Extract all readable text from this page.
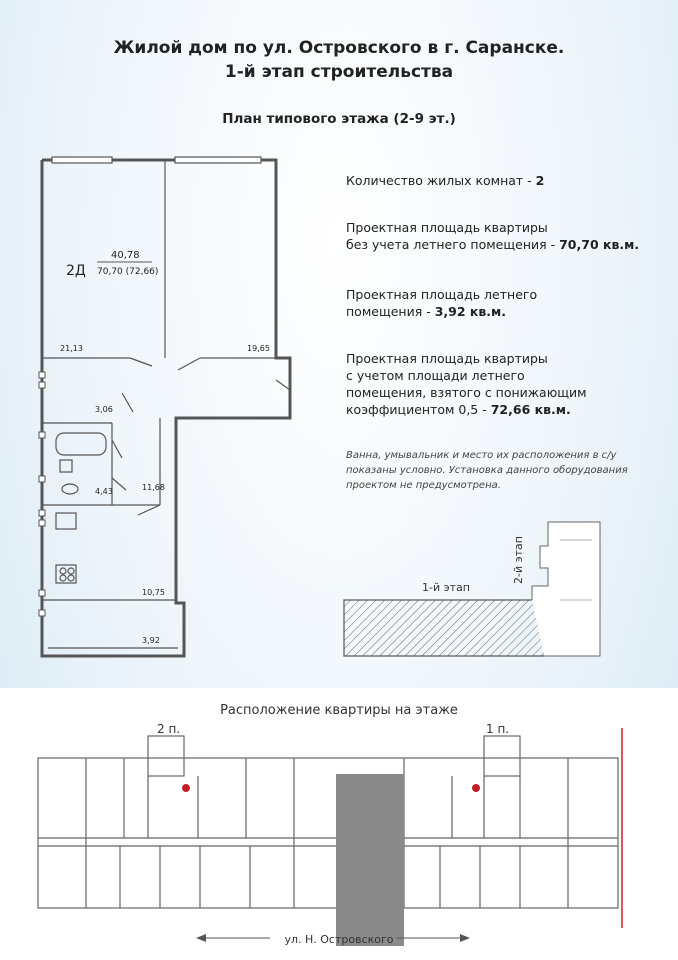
Жилой дом по ул. Островского в г. Саранске.
1-й этап строительства
План типового этажа (2-9 эт.)
2Д
40,78
70,70 (72,66)
21,13	19,65
3,06
4,43	11,68
10,75
3,92
1-й этап
2-й этап
Количество жилых комнат - 2
Проектная площадь квартиры
без учета летнего помещения - 70,70 кв.м.
Проектная площадь летнего
помещения - 3,92 кв.м.
Проектная площадь квартиры
с учетом площади летнего
помещения, взятого с понижающим
коэффициентом 0,5 - 72,66 кв.м.
Ванна, умывальник и место их расположения в с/у показаны условно. Установка данного оборудования проектом не предусмотрена.
Расположение квартиры на этаже
2 п.	1 п.
ул. Н. Островского
